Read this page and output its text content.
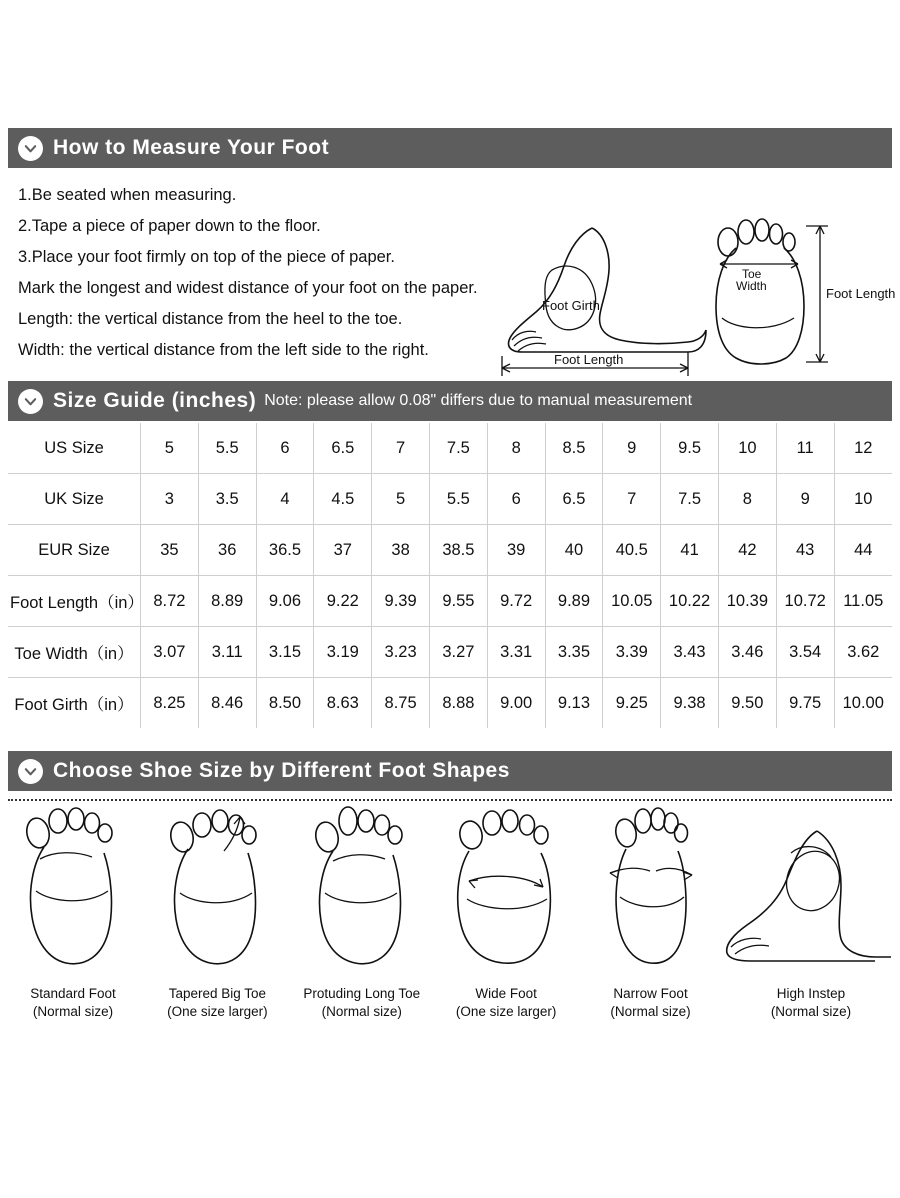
How to Measure Your Foot
1.Be seated when measuring.
2.Tape a piece of paper down to the floor.
3.Place your foot firmly on top of the piece of paper.
Mark the longest and widest distance of your foot on the paper.
Length: the vertical distance from the heel to the toe.
Width: the vertical distance from the left side to the right.
Foot Girth
Foot Length
Toe
Width	Foot Length
Size Guide (inches) Note: please allow 0.08" differs due to manual measurement
US Size	5	5.5	6	6.5	7	7.5	8	8.5	9	9.5	10	11	12
UK Size	3	3.5	4	4.5	5	5.5	6	6.5	7	7.5	8	9	10
EUR Size	35	36	36.5	37	38	38.5	39	40	40.5	41	42	43	44
Foot Length（in）	8.72	8.89	9.06	9.22	9.39	9.55	9.72	9.89	10.05	10.22	10.39	10.72	11.05
Toe Width（in）	3.07	3.11	3.15	3.19	3.23	3.27	3.31	3.35	3.39	3.43	3.46	3.54	3.62
Foot Girth（in）	8.25	8.46	8.50	8.63	8.75	8.88	9.00	9.13	9.25	9.38	9.50	9.75	10.00
Choose Shoe Size by Different Foot Shapes
Standard Foot
(Normal size)
Tapered Big Toe
(One size larger)
Protuding Long Toe
(Normal size)
Wide Foot
(One size larger)
Narrow Foot
(Normal size)
High Instep
(Normal size)
